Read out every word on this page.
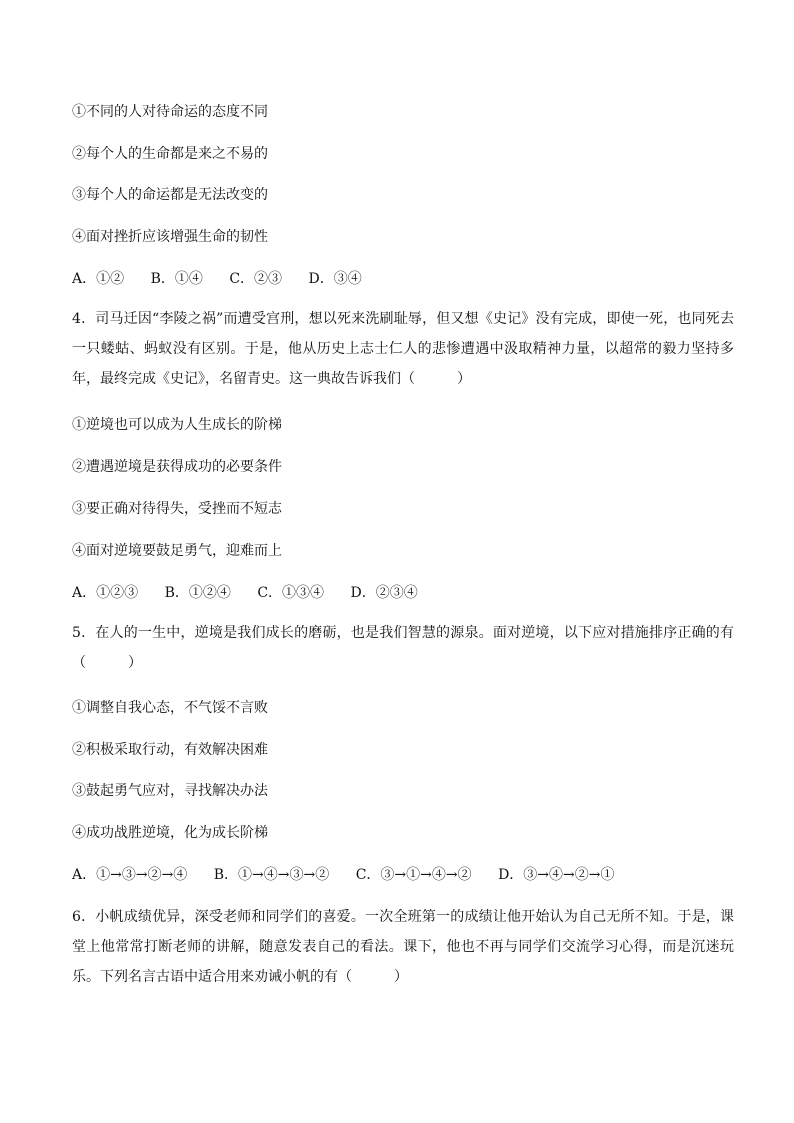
①不同的人对待命运的态度不同
②每个人的生命都是来之不易的
③每个人的命运都是无法改变的
④面对挫折应该增强生命的韧性
A．①② B．①④ C．②③ D．③④
4．司马迁因“李陵之祸”而遭受宫刑，想以死来洗刷耻辱，但又想《史记》没有完成，即使一死，也同死去一只蝼蛄、蚂蚁没有区别。于是，他从历史上志士仁人的悲惨遭遇中汲取精神力量，以超常的毅力坚持多年，最终完成《史记》，名留青史。这一典故告诉我们（　　　）
①逆境也可以成为人生成长的阶梯
②遭遇逆境是获得成功的必要条件
③要正确对待得失，受挫而不短志
④面对逆境要鼓足勇气，迎难而上
A．①②③ B．①②④ C．①③④ D．②③④
5．在人的一生中，逆境是我们成长的磨砺，也是我们智慧的源泉。面对逆境，以下应对措施排序正确的有（　　　）
①调整自我心态，不气馁不言败
②积极采取行动，有效解决困难
③鼓起勇气应对，寻找解决办法
④成功战胜逆境，化为成长阶梯
A．①→③→②→④ B．①→④→③→② C．③→①→④→② D．③→④→②→①
6．小帆成绩优异，深受老师和同学们的喜爱。一次全班第一的成绩让他开始认为自己无所不知。于是，课堂上他常常打断老师的讲解，随意发表自己的看法。课下，他也不再与同学们交流学习心得，而是沉迷玩乐。下列名言古语中适合用来劝诫小帆的有（　　　）
